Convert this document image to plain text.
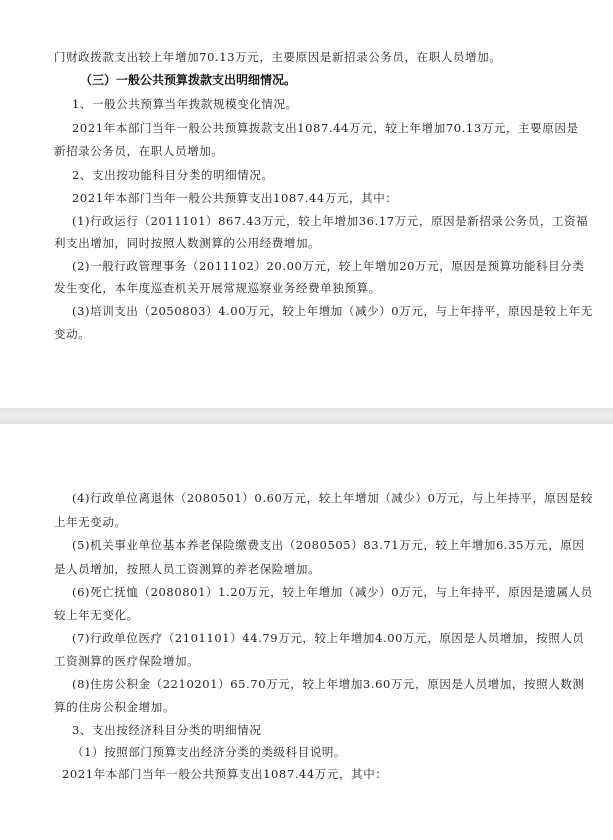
门财政拨款支出较上年增加70.13万元，主要原因是新招录公务员，在职人员增加。
（三）一般公共预算拨款支出明细情况。
1、一般公共预算当年拨款规模变化情况。
2021年本部门当年一般公共预算拨款支出1087.44万元，较上年增加70.13万元，主要原因是
新招录公务员，在职人员增加。
2、支出按功能科目分类的明细情况。
2021年本部门当年一般公共预算支出1087.44万元，其中：
(1)行政运行（2011101）867.43万元，较上年增加36.17万元，原因是新招录公务员，工资福
利支出增加，同时按照人数测算的公用经费增加。
(2)一般行政管理事务（2011102）20.00万元，较上年增加20万元，原因是预算功能科目分类
发生变化，本年度巡查机关开展常规巡察业务经费单独预算。
(3)培训支出（2050803）4.00万元，较上年增加（减少）0万元，与上年持平，原因是较上年无
变动。
(4)行政单位离退休（2080501）0.60万元，较上年增加（减少）0万元，与上年持平，原因是较
上年无变动。
(5)机关事业单位基本养老保险缴费支出（2080505）83.71万元，较上年增加6.35万元，原因
是人员增加，按照人员工资测算的养老保险增加。
(6)死亡抚恤（2080801）1.20万元，较上年增加（减少）0万元，与上年持平，原因是遗属人员
较上年无变化。
(7)行政单位医疗（2101101）44.79万元，较上年增加4.00万元，原因是人员增加，按照人员
工资测算的医疗保险增加。
(8)住房公积金（2210201）65.70万元，较上年增加3.60万元，原因是人员增加，按照人数测
算的住房公积金增加。
3、支出按经济科目分类的明细情况
（1）按照部门预算支出经济分类的类级科目说明。
2021年本部门当年一般公共预算支出1087.44万元，其中：
